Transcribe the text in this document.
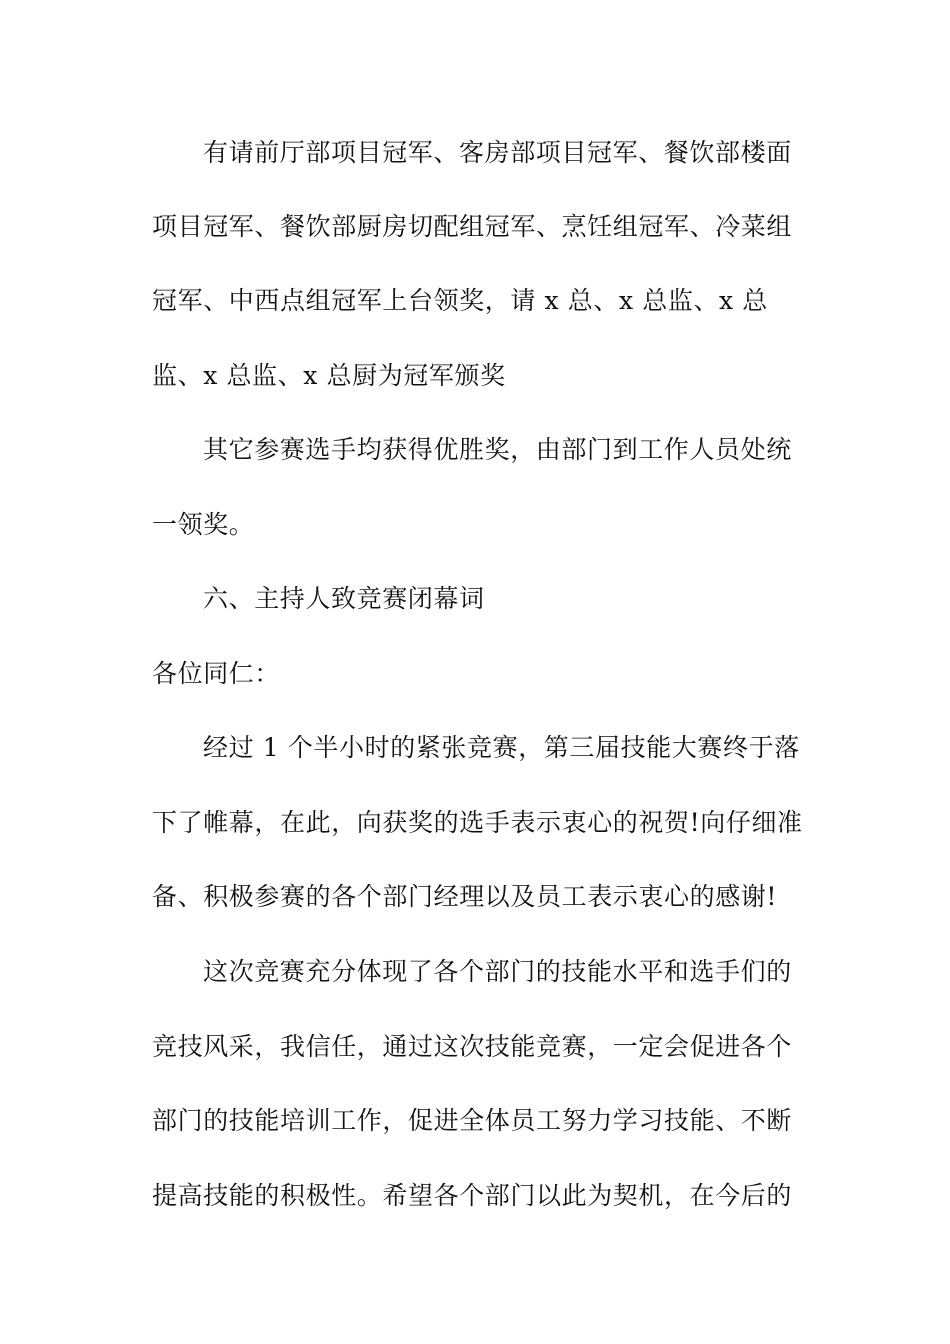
有请前厅部项目冠军、客房部项目冠军、餐饮部楼面
项目冠军、餐饮部厨房切配组冠军、烹饪组冠军、冷菜组
冠军、中西点组冠军上台领奖，请 x 总、x 总监、x 总
监、x 总监、x 总厨为冠军颁奖
其它参赛选手均获得优胜奖，由部门到工作人员处统
一领奖。
六、主持人致竞赛闭幕词
各位同仁：
经过 1 个半小时的紧张竞赛，第三届技能大赛终于落
下了帷幕，在此，向获奖的选手表示衷心的祝贺!向仔细准
备、积极参赛的各个部门经理以及员工表示衷心的感谢!
这次竞赛充分体现了各个部门的技能水平和选手们的
竞技风采，我信任，通过这次技能竞赛，一定会促进各个
部门的技能培训工作，促进全体员工努力学习技能、不断
提高技能的积极性。希望各个部门以此为契机，在今后的
